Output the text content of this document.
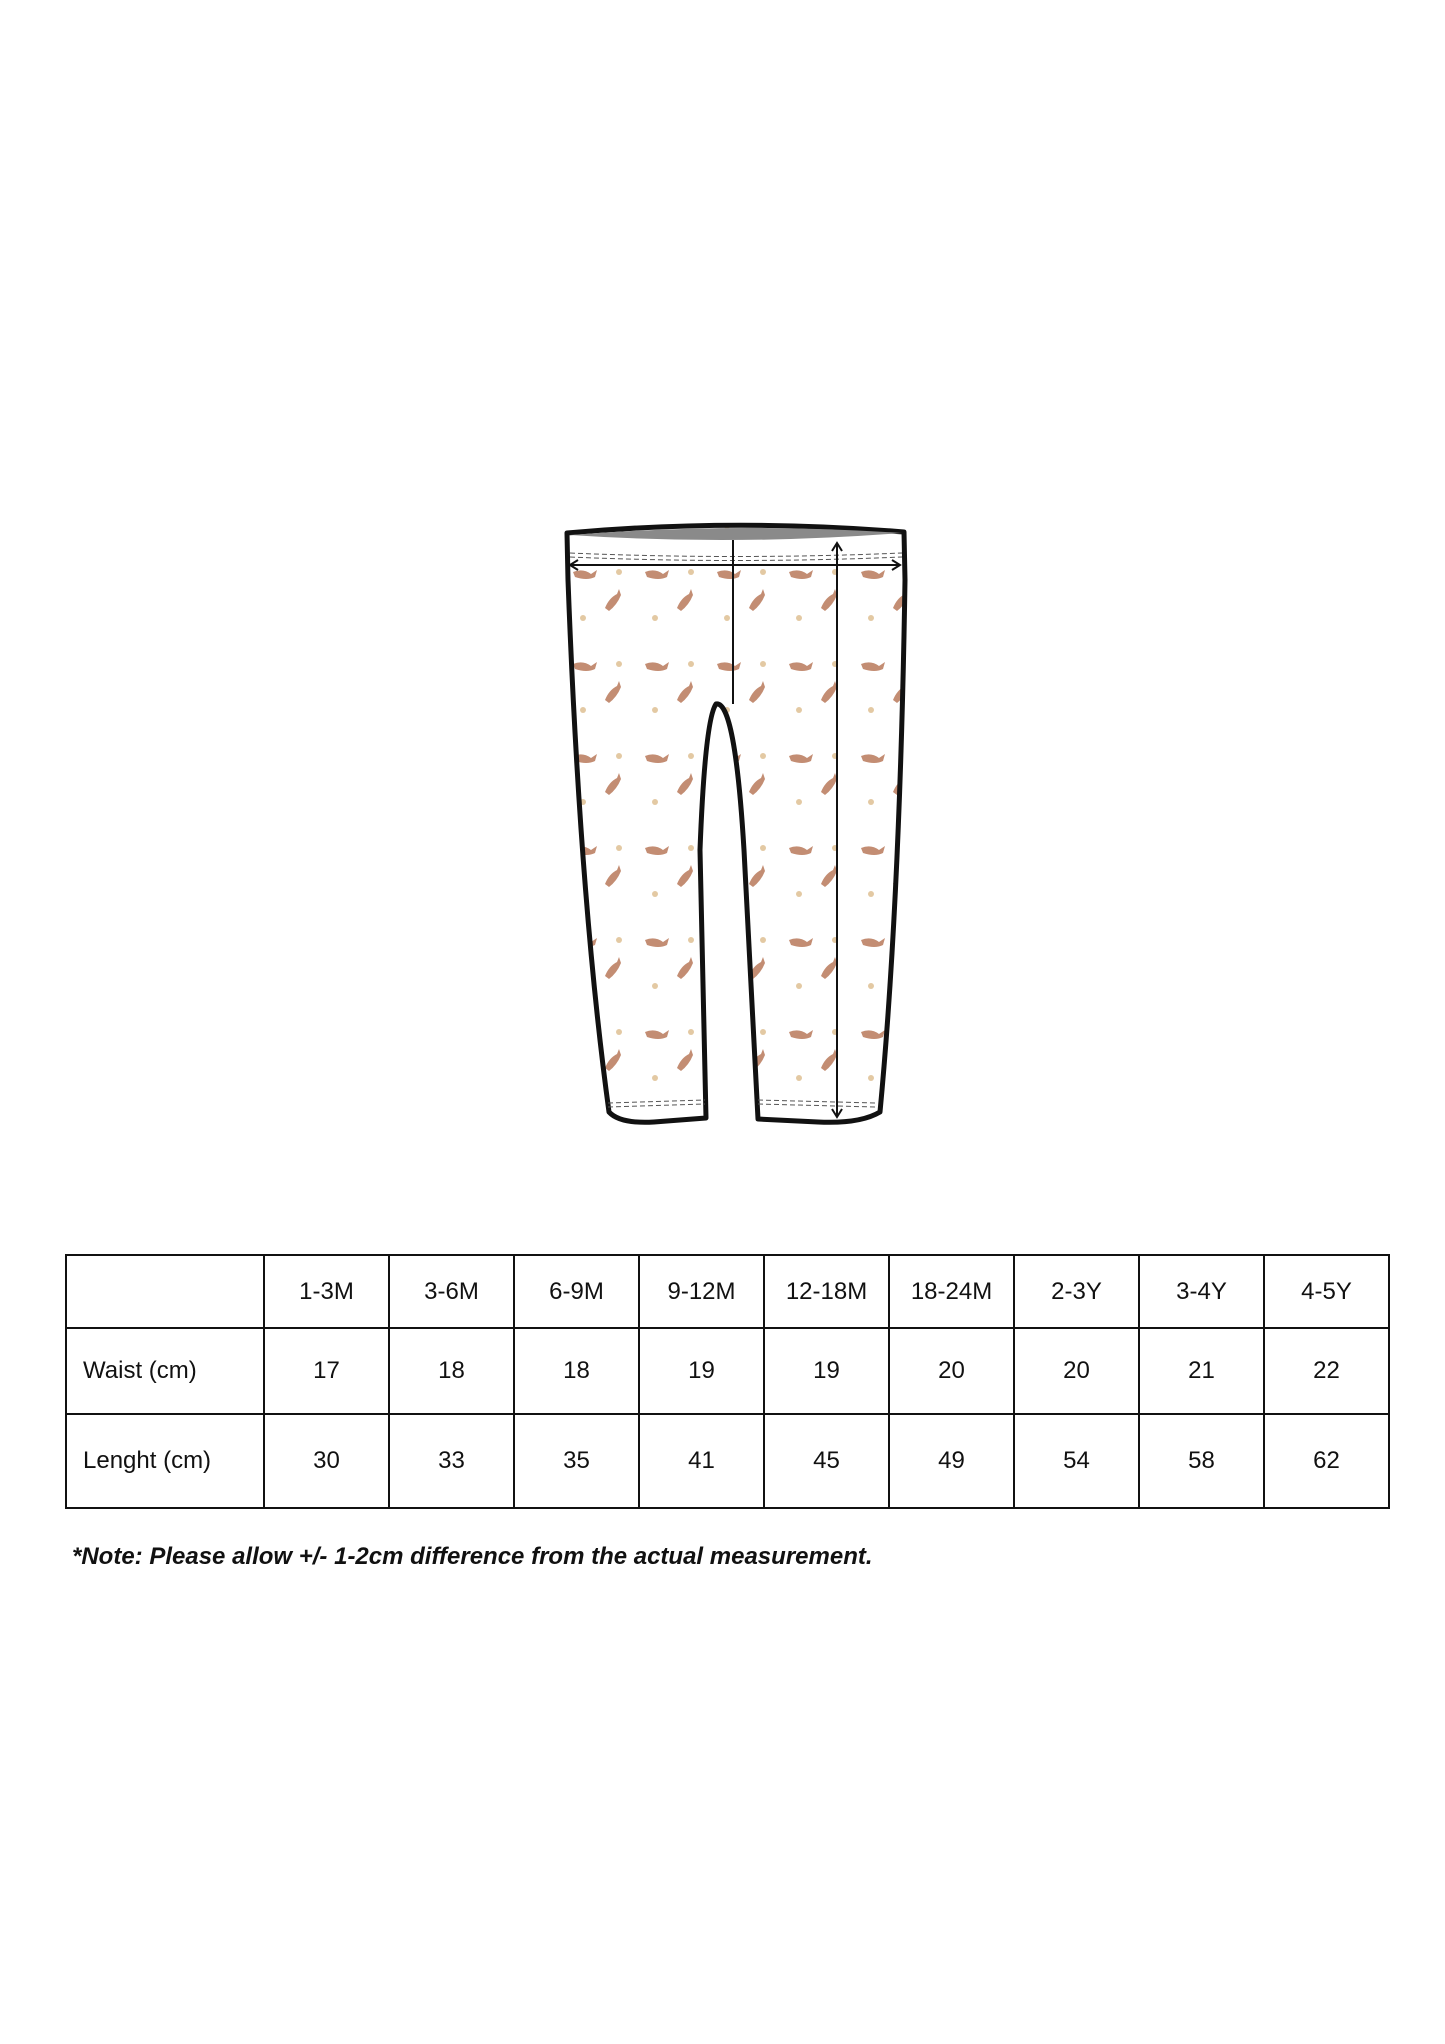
	1-3M	3-6M	6-9M	9-12M	12-18M	18-24M	2-3Y	3-4Y	4-5Y
Waist (cm)	17	18	18	19	19	20	20	21	22
Lenght (cm)	30	33	35	41	45	49	54	58	62
*Note: Please allow +/- 1-2cm difference from the actual measurement.
